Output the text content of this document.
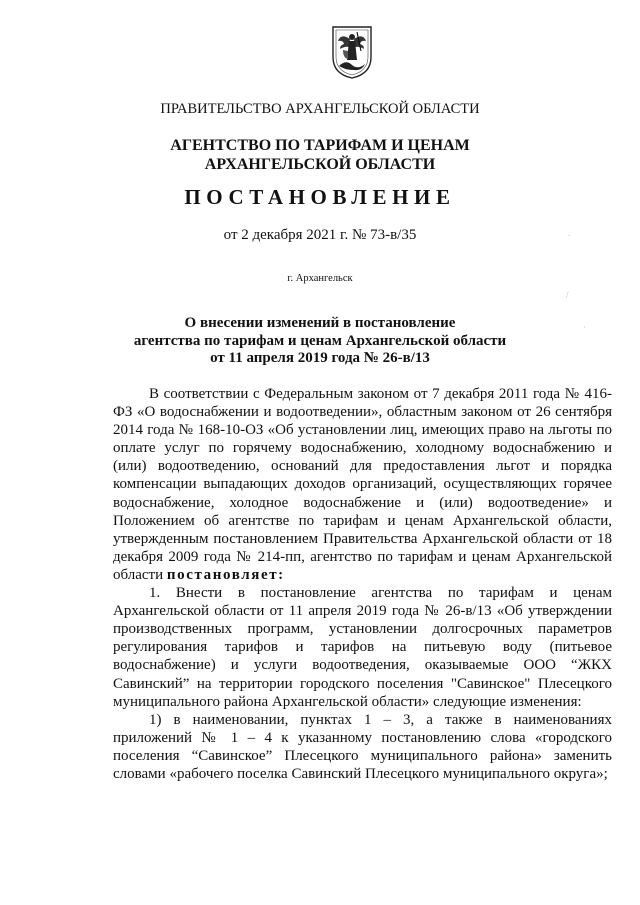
ПРАВИТЕЛЬСТВО АРХАНГЕЛЬСКОЙ ОБЛАСТИ
АГЕНТСТВО ПО ТАРИФАМ И ЦЕНАМ
АРХАНГЕЛЬСКОЙ ОБЛАСТИ
ПОСТАНОВЛЕНИЕ
от 2 декабря 2021 г. № 73-в/35
г. Архангельск
О внесении изменений в постановление
агентства по тарифам и ценам Архангельской области
от 11 апреля 2019 года № 26-в/13

В соответствии с Федеральным законом от 7 декабря 2011 года № 416-ФЗ «О водоснабжении и водоотведении», областным законом от 26 сентября 2014 года № 168-10-ОЗ «Об установлении лиц, имеющих право на льготы по оплате услуг по горячему водоснабжению, холодному водоснабжению и (или) водоотведению, оснований для предоставления льгот и порядка компенсации выпадающих доходов организаций, осуществляющих горячее водоснабжение, холодное водоснабжение и (или) водоотведение» и Положением об агентстве по тарифам и ценам Архангельской области, утвержденным постановлением Правительства Архангельской области от 18 декабря 2009 года № 214-пп, агентство по тарифам и ценам Архангельской области постановляет:

1. Внести в постановление агентства по тарифам и ценам Архангельской области от 11 апреля 2019 года № 26-в/13 «Об утверждении производственных программ, установлении долгосрочных параметров регулирования тарифов и тарифов на питьевую воду (питьевое водоснабжение) и услуги водоотведения, оказываемые ООО “ЖКХ Савинский” на территории городского поселения "Савинское" Плесецкого муниципального района Архангельской области» следующие изменения:

1) в наименовании, пунктах 1 – 3, а также в наименованиях приложений № 1 – 4 к указанному постановлению слова «городского поселения “Савинское” Плесецкого муниципального района» заменить словами «рабочего поселка Савинский Плесецкого муниципального округа»;

.
/
·
